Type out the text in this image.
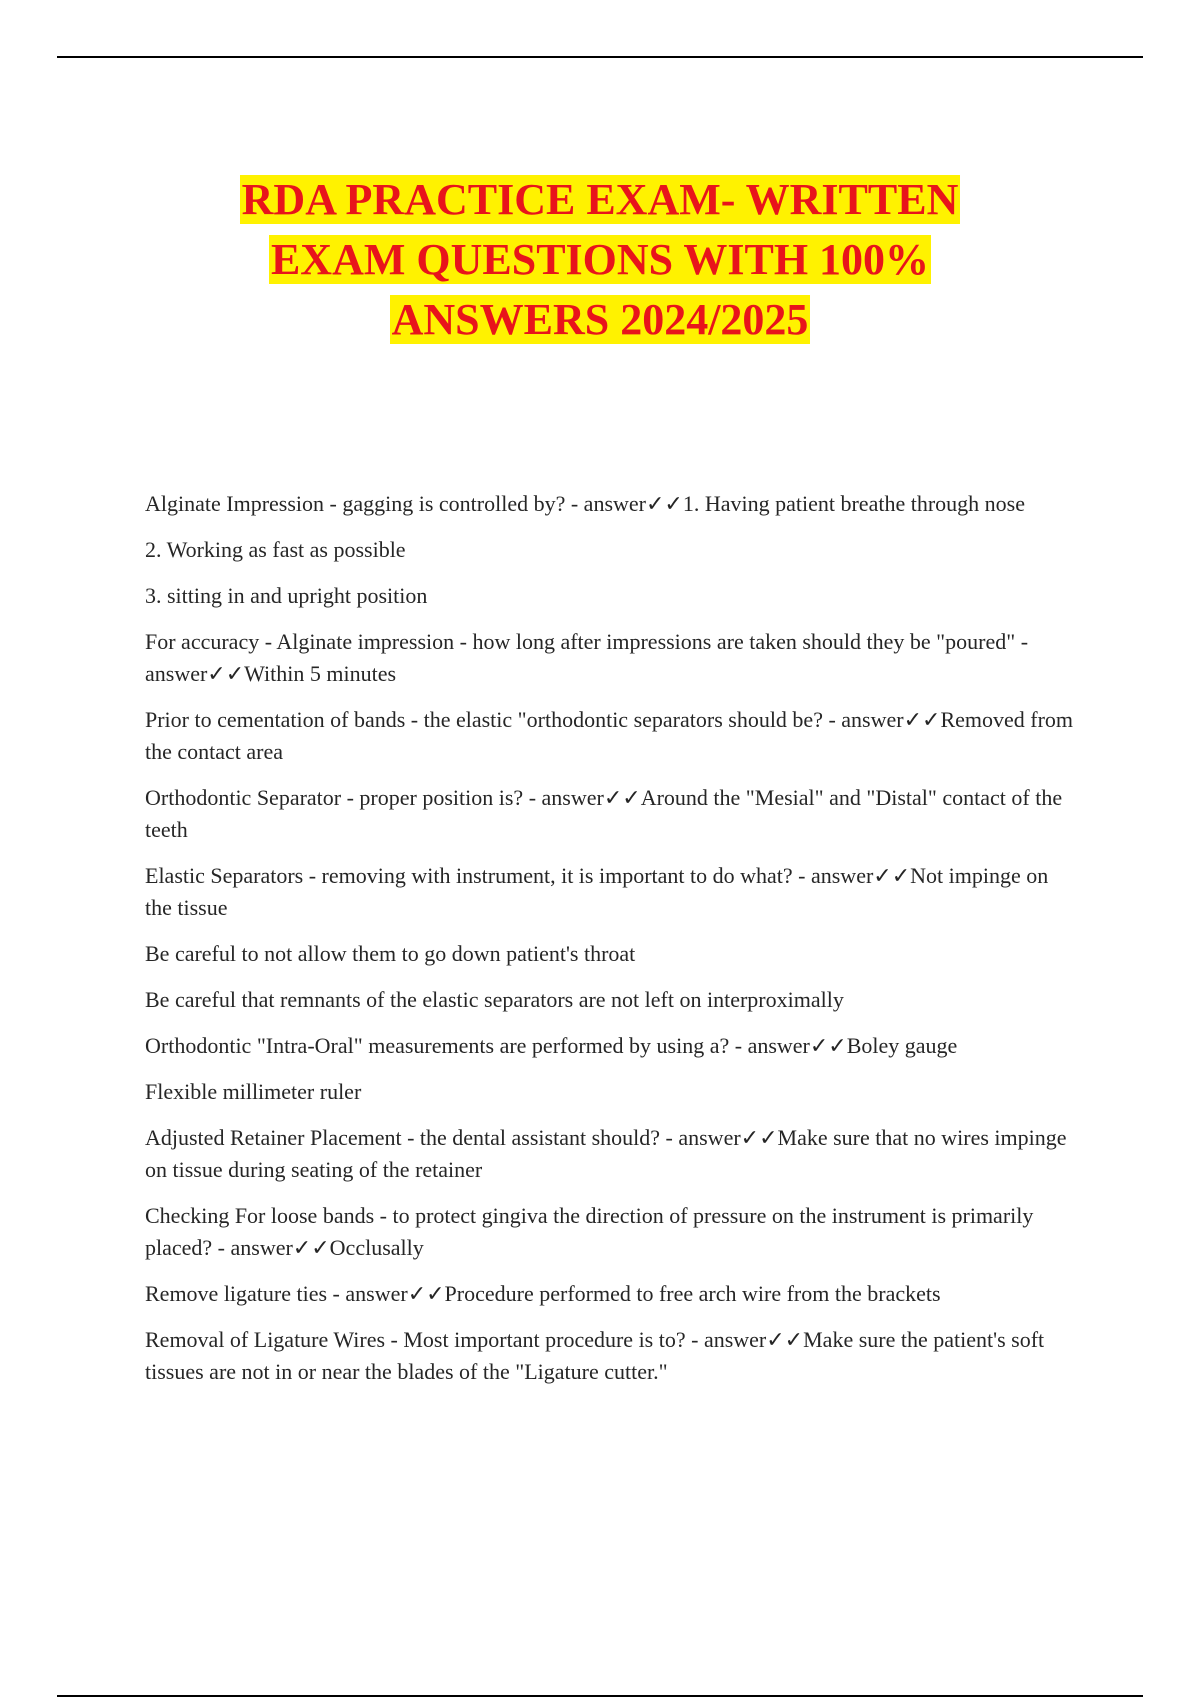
RDA PRACTICE EXAM- WRITTEN
EXAM QUESTIONS WITH 100%
ANSWERS 2024/2025

Alginate Impression - gagging is controlled by? - answer✓✓1. Having patient breathe through nose

2. Working as fast as possible

3. sitting in and upright position

For accuracy - Alginate impression - how long after impressions are taken should they be "poured" - answer✓✓Within 5 minutes

Prior to cementation of bands - the elastic "orthodontic separators should be? - answer✓✓Removed from the contact area

Orthodontic Separator - proper position is? - answer✓✓Around the "Mesial" and "Distal" contact of the teeth

Elastic Separators - removing with instrument, it is important to do what? - answer✓✓Not impinge on the tissue

Be careful to not allow them to go down patient's throat

Be careful that remnants of the elastic separators are not left on interproximally

Orthodontic "Intra-Oral" measurements are performed by using a? - answer✓✓Boley gauge

Flexible millimeter ruler

Adjusted Retainer Placement - the dental assistant should? - answer✓✓Make sure that no wires impinge on tissue during seating of the retainer

Checking For loose bands - to protect gingiva the direction of pressure on the instrument is primarily placed? - answer✓✓Occlusally

Remove ligature ties - answer✓✓Procedure performed to free arch wire from the brackets

Removal of Ligature Wires - Most important procedure is to? - answer✓✓Make sure the patient's soft tissues are not in or near the blades of the "Ligature cutter."
